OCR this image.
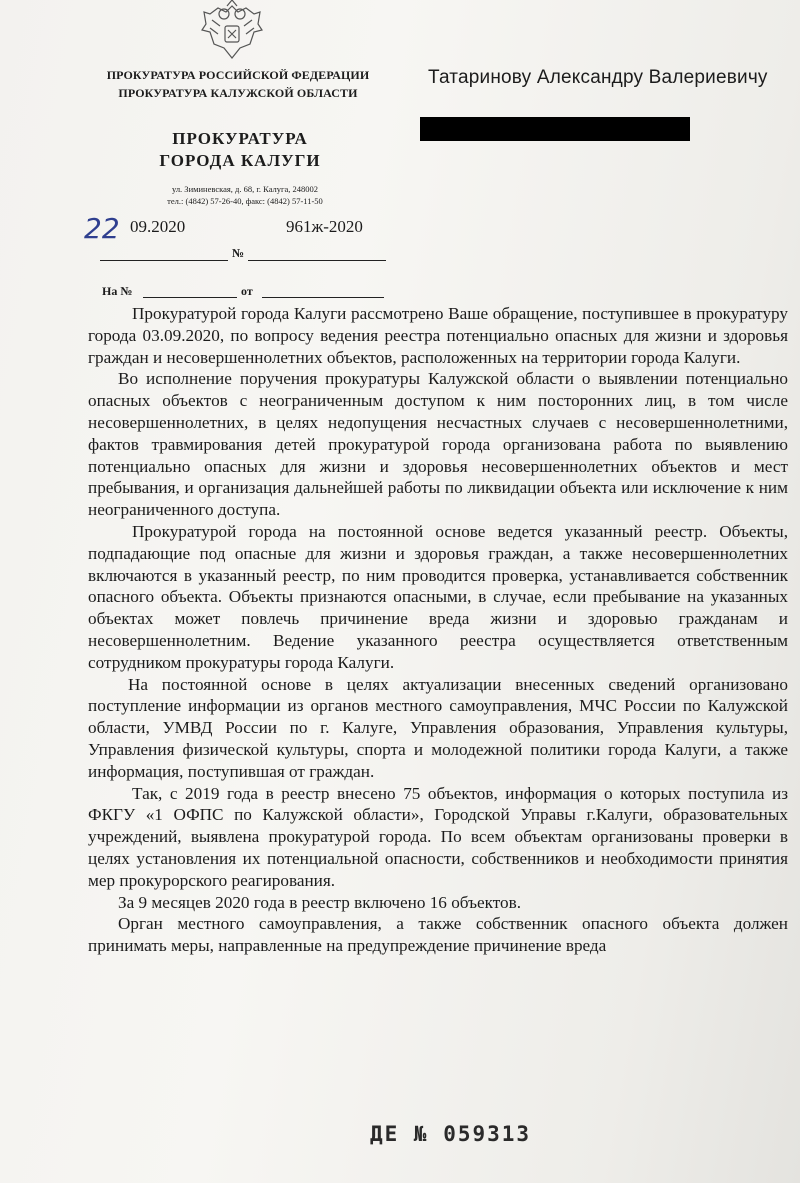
ПРОКУРАТУРА РОССИЙСКОЙ ФЕДЕРАЦИИ
ПРОКУРАТУРА КАЛУЖСКОЙ ОБЛАСТИ
ПРОКУРАТУРА
ГОРОДА КАЛУГИ
ул. Зиминевская, д. 68, г. Калуга, 248002
тел.: (4842) 57-26-40, факс: (4842) 57-11-50
22 09.2020	961ж-2020
№
На №	от
Татаринову Александру Валериевичу

Прокуратурой города Калуги рассмотрено Ваше обращение, поступившее в прокуратуру города 03.09.2020, по вопросу ведения реестра потенциально опасных для жизни и здоровья граждан и несовершеннолетних объектов, расположенных на территории города Калуги.

Во исполнение поручения прокуратуры Калужской области о выявлении потенциально опасных объектов с неограниченным доступом к ним посторонних лиц, в том числе несовершеннолетних, в целях недопущения несчастных случаев с несовершеннолетними, фактов травмирования детей прокуратурой города организована работа по выявлению потенциально опасных для жизни и здоровья несовершеннолетних объектов и мест пребывания, и организация дальнейшей работы по ликвидации объекта или исключение к ним неограниченного доступа.

Прокуратурой города на постоянной основе ведется указанный реестр. Объекты, подпадающие под опасные для жизни и здоровья граждан, а также несовершеннолетних включаются в указанный реестр, по ним проводится проверка, устанавливается собственник опасного объекта. Объекты признаются опасными, в случае, если пребывание на указанных объектах может повлечь причинение вреда жизни и здоровью гражданам и несовершеннолетним. Ведение указанного реестра осуществляется ответственным сотрудником прокуратуры города Калуги.

На постоянной основе в целях актуализации внесенных сведений организовано поступление информации из органов местного самоуправления, МЧС России по Калужской области, УМВД России по г. Калуге, Управления образования, Управления культуры, Управления физической культуры, спорта и молодежной политики города Калуги, а также информация, поступившая от граждан.

Так, с 2019 года в реестр внесено 75 объектов, информация о которых поступила из ФКГУ «1 ОФПС по Калужской области», Городской Управы г.Калуги, образовательных учреждений, выявлена прокуратурой города. По всем объектам организованы проверки в целях установления их потенциальной опасности, собственников и необходимости принятия мер прокурорского реагирования.

За 9 месяцев 2020 года в реестр включено 16 объектов.

Орган местного самоуправления, а также собственник опасного объекта должен принимать меры, направленные на предупреждение причинение вреда

ДЕ № 059313
